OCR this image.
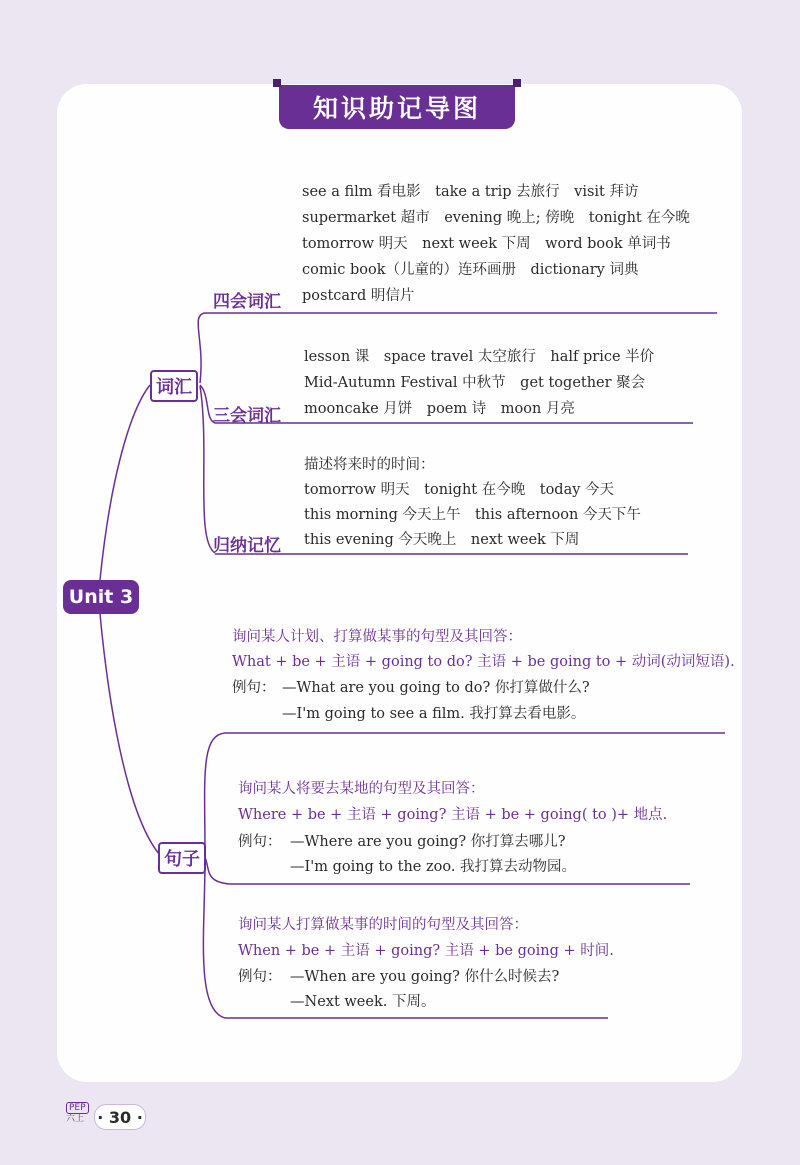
知识助记导图
Unit 3
词汇
句子
四会词汇
三会词汇
归纳记忆
see a film 看电影　take a trip 去旅行　visit 拜访
supermarket 超市　evening 晚上; 傍晚　tonight 在今晚
tomorrow 明天　next week 下周　word book 单词书
comic book（儿童的）连环画册　dictionary 词典
postcard 明信片
lesson 课　space travel 太空旅行　half price 半价
Mid-Autumn Festival 中秋节　get together 聚会
mooncake 月饼　poem 诗　moon 月亮
描述将来时的时间：
tomorrow 明天　tonight 在今晚　today 今天
this morning 今天上午　this afternoon 今天下午
this evening 今天晚上　next week 下周
询问某人计划、打算做某事的句型及其回答：
What + be + 主语 + going to do? 主语 + be going to + 动词(动词短语).
例句： —What are you going to do? 你打算做什么?
—I'm going to see a film. 我打算去看电影。
询问某人将要去某地的句型及其回答：
Where + be + 主语 + going? 主语 + be + going( to )+ 地点.
例句： —Where are you going? 你打算去哪儿?
—I'm going to the zoo. 我打算去动物园。
询问某人打算做某事的时间的句型及其回答：
When + be + 主语 + going? 主语 + be going + 时间.
例句： —When are you going? 你什么时候去?
—Next week. 下周。
PEP
六上 · 30 ·
